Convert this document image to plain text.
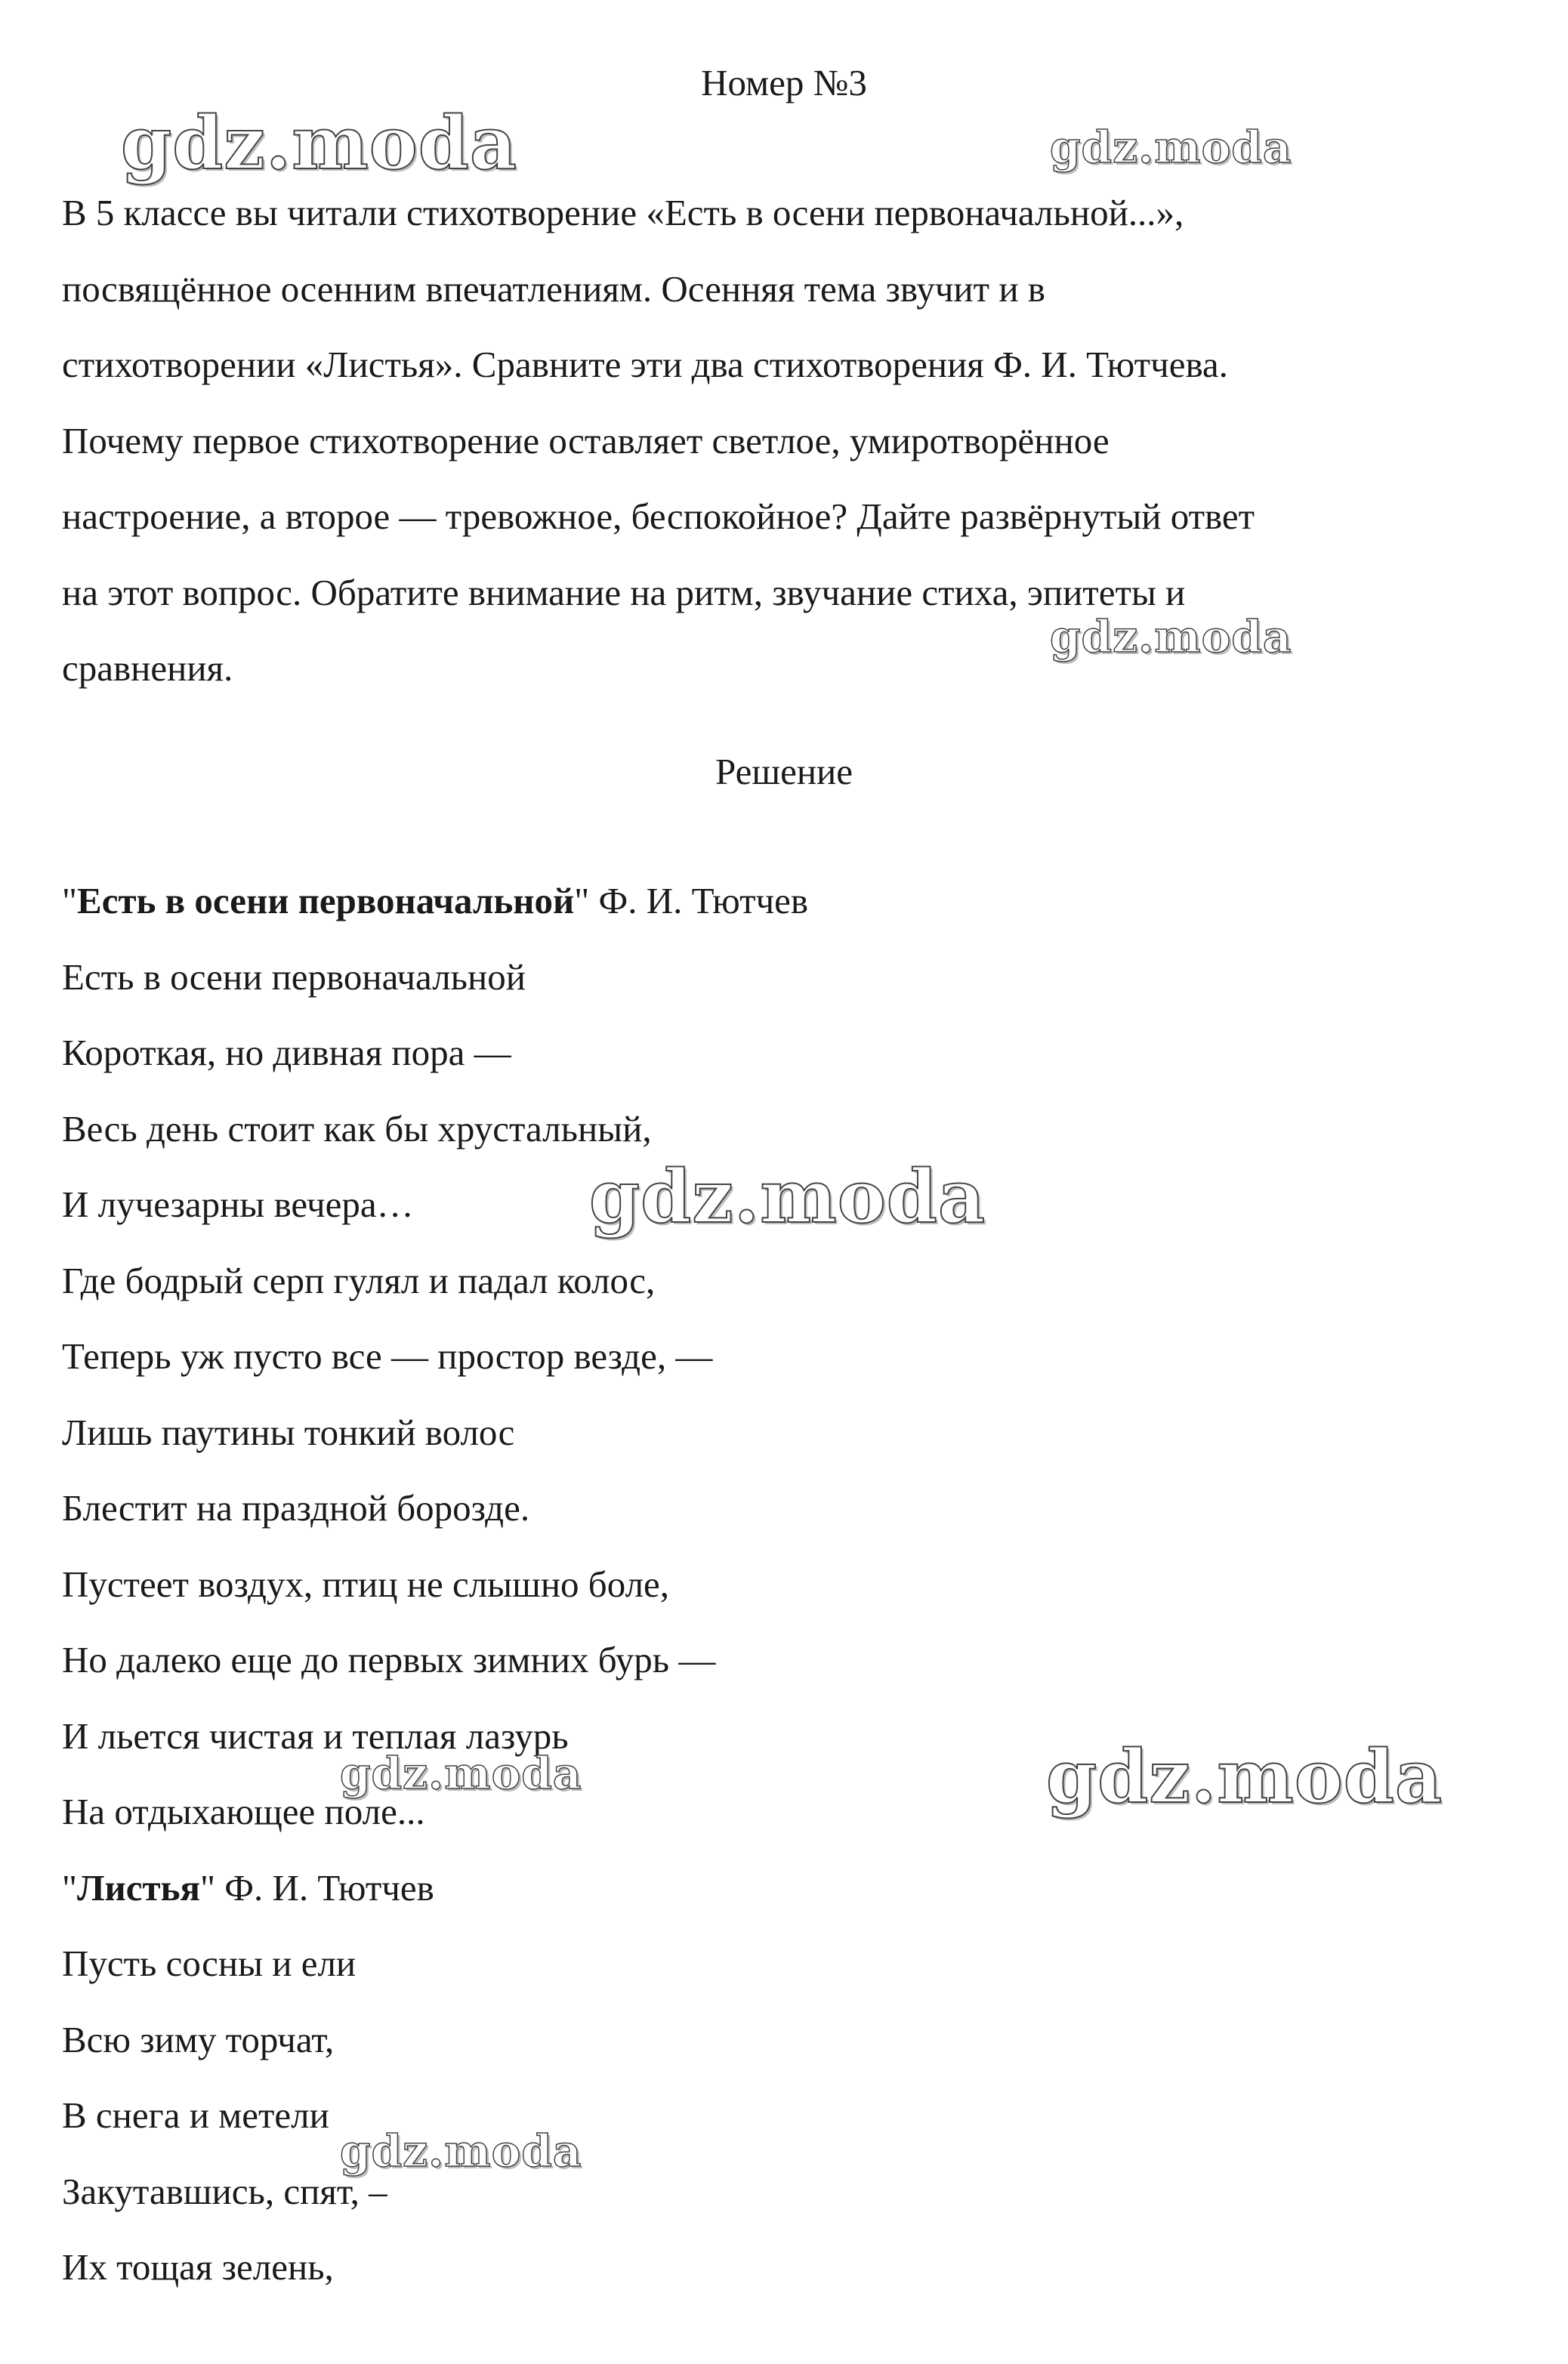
Номер №3
В 5 классе вы читали стихотворение «Есть в осени первоначальной...»,
посвящённое осенним впечатлениям. Осенняя тема звучит и в
стихотворении «Листья». Сравните эти два стихотворения Ф. И. Тютчева.
Почему первое стихотворение оставляет светлое, умиротворённое
настроение, а второе — тревожное, беспокойное? Дайте развёрнутый ответ
на этот вопрос. Обратите внимание на ритм, звучание стиха, эпитеты и
сравнения.
Решение
"Есть в осени первоначальной" Ф. И. Тютчев
Есть в осени первоначальной
Короткая, но дивная пора —
Весь день стоит как бы хрустальный,
И лучезарны вечера…
Где бодрый серп гулял и падал колос,
Теперь уж пусто все — простор везде, —
Лишь паутины тонкий волос
Блестит на праздной борозде.
Пустеет воздух, птиц не слышно боле,
Но далеко еще до первых зимних бурь —
И льется чистая и теплая лазурь
На отдыхающее поле...
"Листья" Ф. И. Тютчев
Пусть сосны и ели
Всю зиму торчат,
В снега и метели
Закутавшись, спят, –
Их тощая зелень,
gdz.moda	gdz.moda
gdz.moda
gdz.moda
gdz.moda	gdz.moda
gdz.moda
